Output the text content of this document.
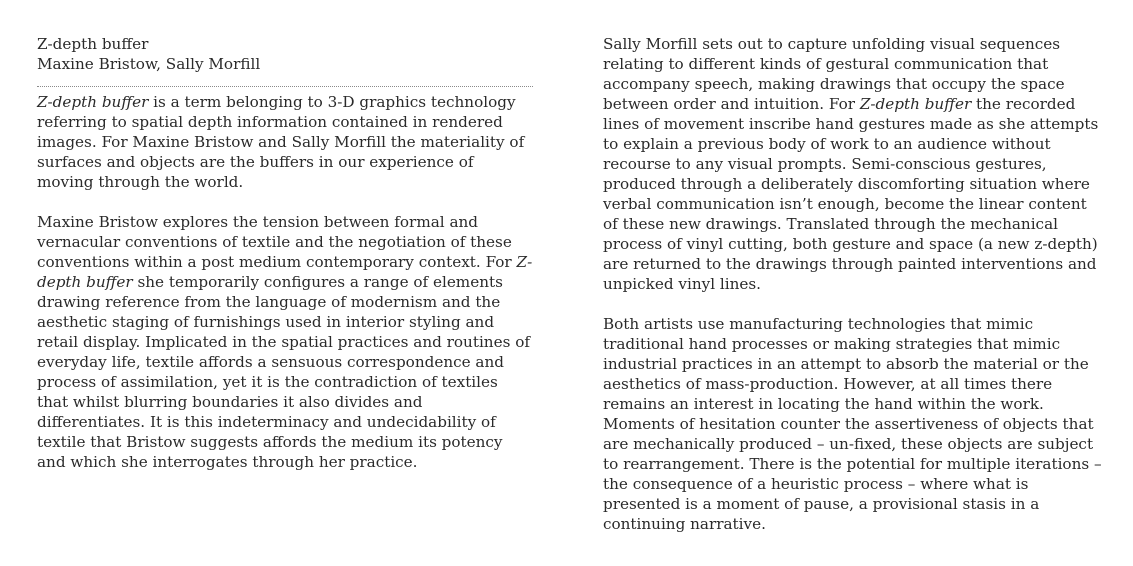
Z-depth buffer
Maxine Bristow, Sally Morfill

Z-depth buffer is a term belonging to 3-D graphics technology referring to spatial depth information contained in rendered images. For Maxine Bristow and Sally Morfill the materiality of surfaces and objects are the buffers in our experience of moving through the world.

Maxine Bristow explores the tension between formal and vernacular conventions of textile and the negotiation of these conventions within a post medium contemporary context. For Z-depth buffer she temporarily configures a range of elements drawing reference from the language of modernism and the aesthetic staging of furnishings used in interior styling and retail display. Implicated in the spatial practices and routines of everyday life, textile affords a sensuous correspondence and process of assimilation, yet it is the contradiction of textiles that whilst blurring boundaries it also divides and differentiates. It is this indeterminacy and undecidability of textile that Bristow suggests affords the medium its potency and which she interrogates through her practice.

Sally Morfill sets out to capture unfolding visual sequences relating to different kinds of gestural communication that accompany speech, making drawings that occupy the space between order and intuition. For Z-depth buffer the recorded lines of movement inscribe hand gestures made as she attempts to explain a previous body of work to an audience without recourse to any visual prompts. Semi-conscious gestures, produced through a deliberately discomforting situation where verbal communication isn’t enough, become the linear content of these new drawings. Translated through the mechanical process of vinyl cutting, both gesture and space (a new z-depth) are returned to the drawings through painted interventions and unpicked vinyl lines.

Both artists use manufacturing technologies that mimic traditional hand processes or making strategies that mimic industrial practices in an attempt to absorb the material or the aesthetics of mass-production. However, at all times there remains an interest in locating the hand within the work. Moments of hesitation counter the assertiveness of objects that are mechanically produced – un-fixed, these objects are subject to rearrangement. There is the potential for multiple iterations – the consequence of a heuristic process – where what is presented is a moment of pause, a provisional stasis in a continuing narrative.
